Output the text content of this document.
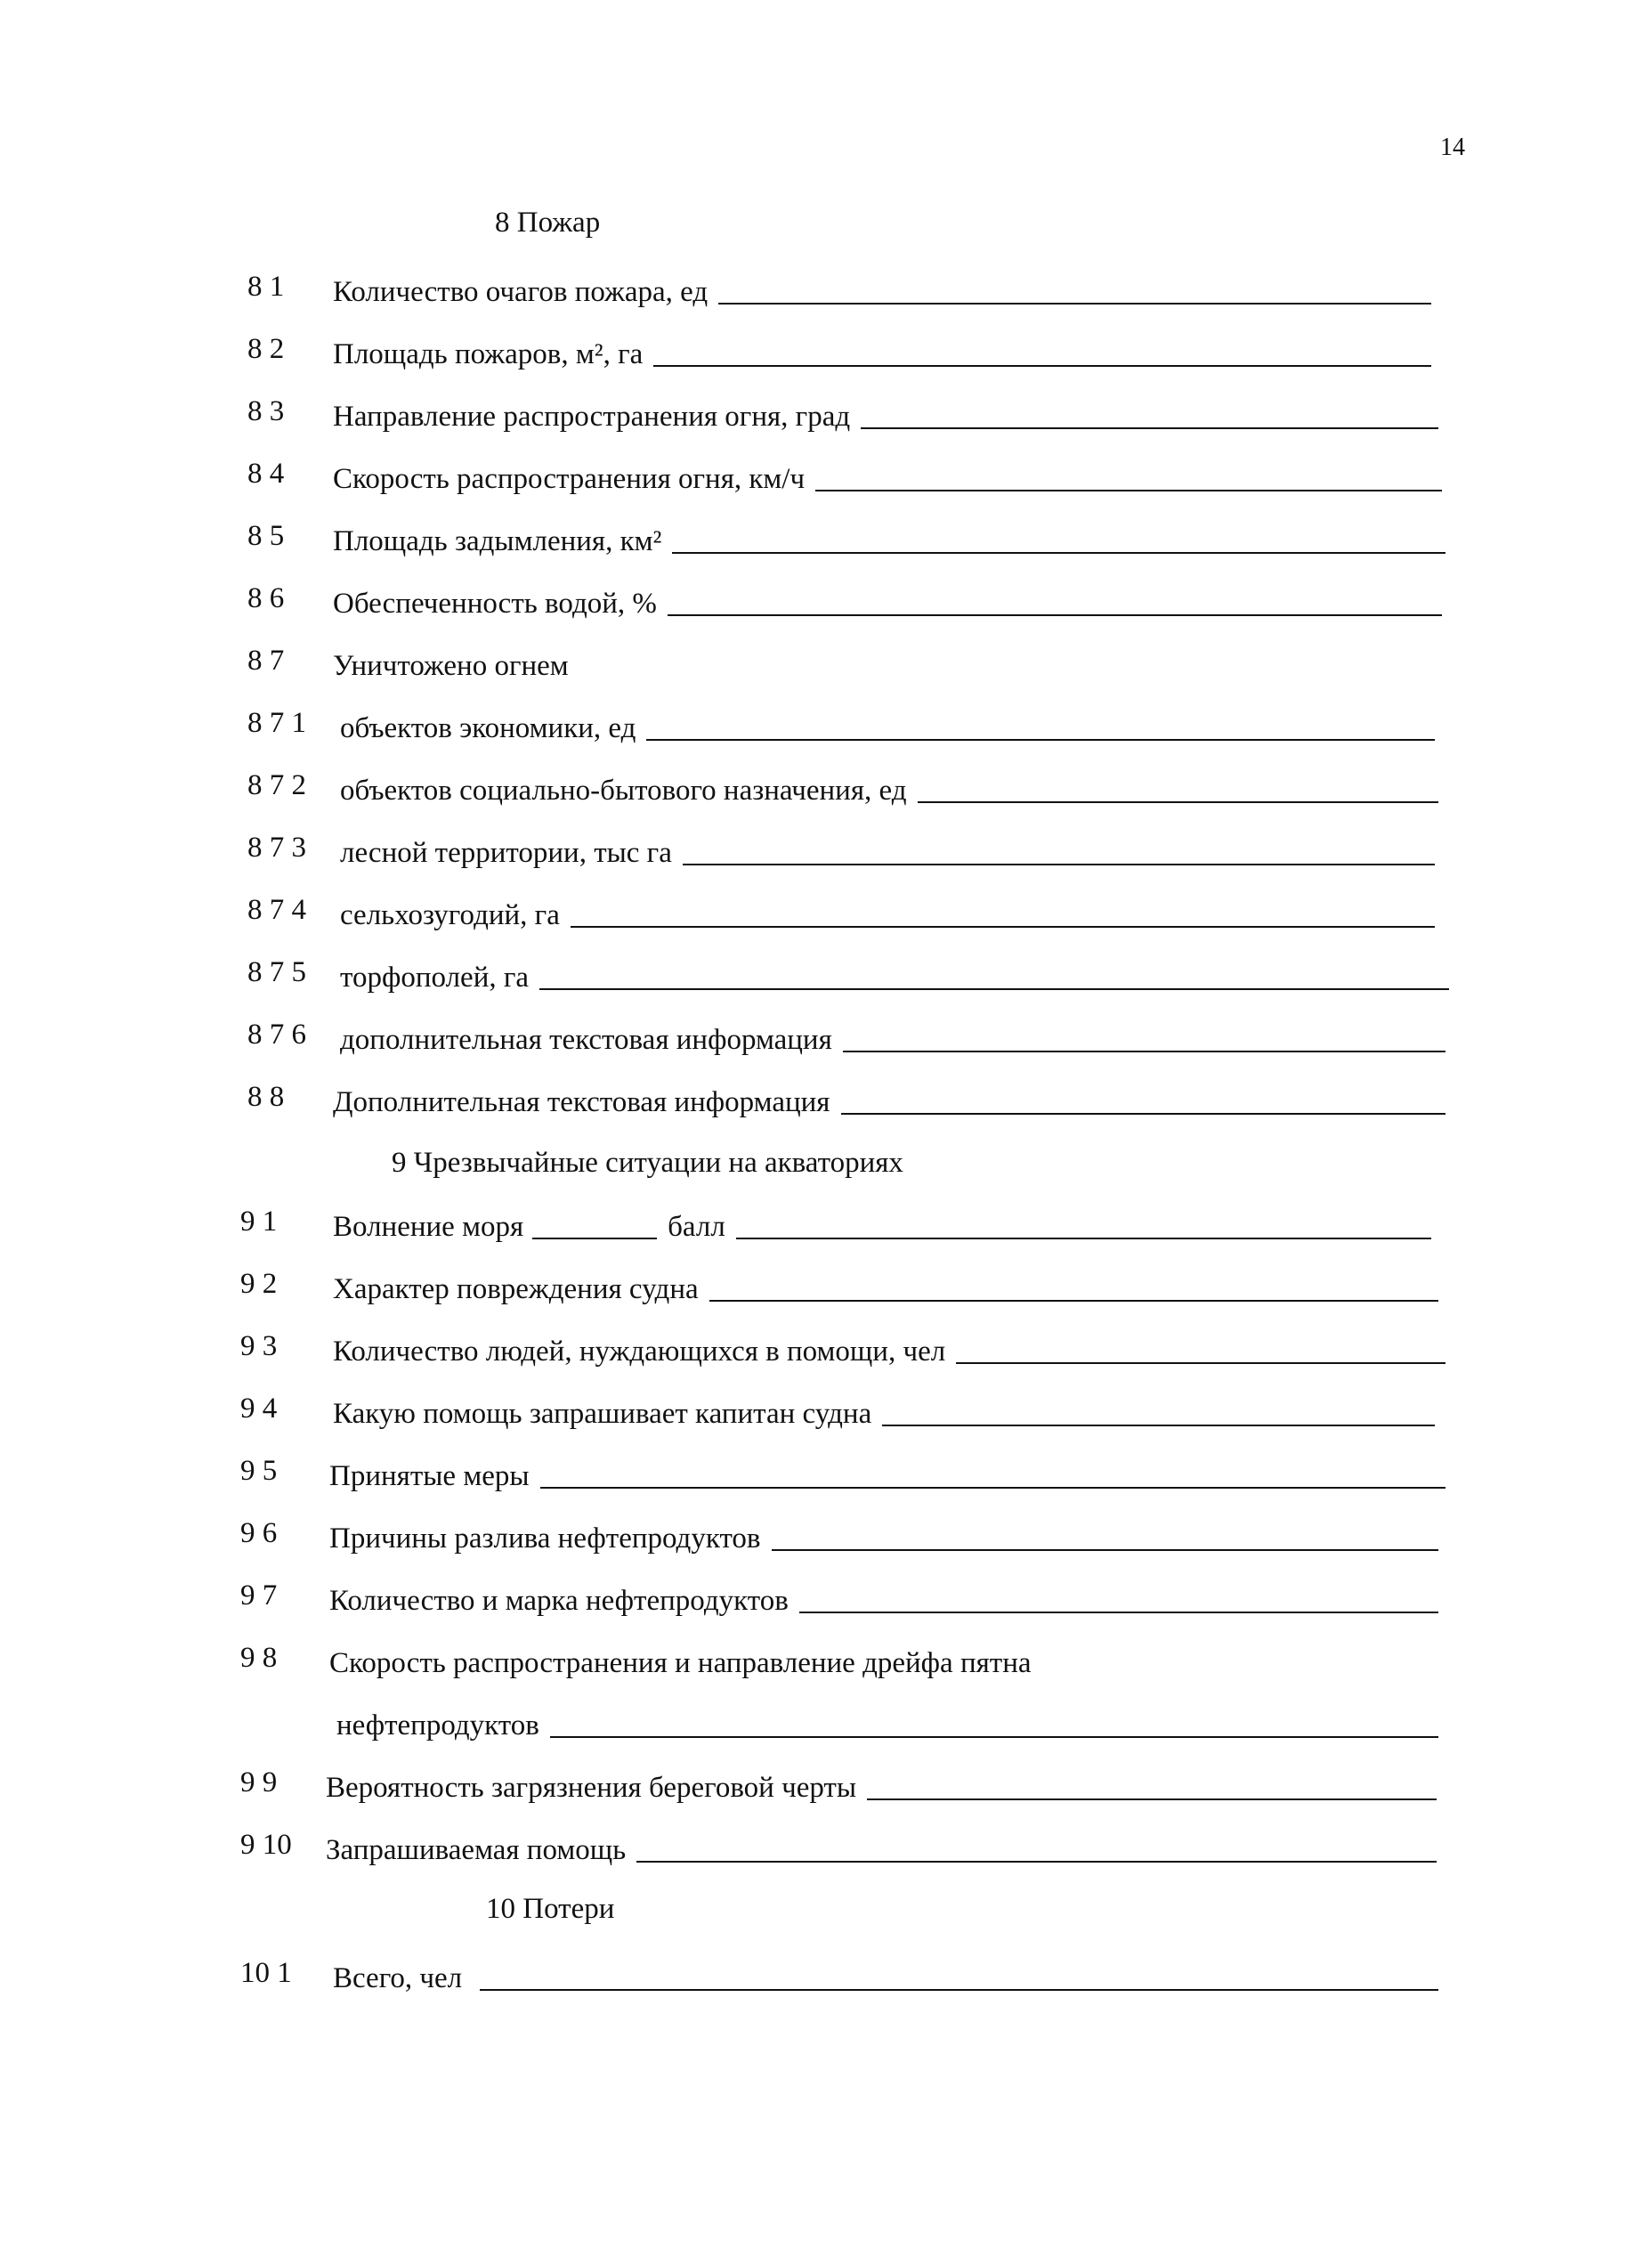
14
8 Пожар
8 1 Количество очагов пожара, ед
8 2 Площадь пожаров, м², га
8 3 Направление распространения огня, град
8 4 Скорость распространения огня, км/ч
8 5 Площадь задымления, км²
8 6 Обеспеченность водой, %
8 7 Уничтожено огнем
8 7 1 объектов экономики, ед
8 7 2 объектов социально-бытового назначения, ед
8 7 3 лесной территории, тыс га
8 7 4 сельхозугодий, га
8 7 5 торфополей, га
8 7 6 дополнительная текстовая информация
8 8 Дополнительная текстовая информация
9 Чрезвычайные ситуации на акваториях
9 1 Волнение моря	балл
9 2 Характер повреждения судна
9 3 Количество людей, нуждающихся в помощи, чел
9 4 Какую помощь запрашивает капитан судна
9 5 Принятые меры
9 6 Причины разлива нефтепродуктов
9 7 Количество и марка нефтепродуктов
9 8 Скорость распространения и направление дрейфа пятна
нефтепродуктов
9 9 Вероятность загрязнения береговой черты
9 10 Запрашиваемая помощь
10 Потери
10 1 Всего, чел
